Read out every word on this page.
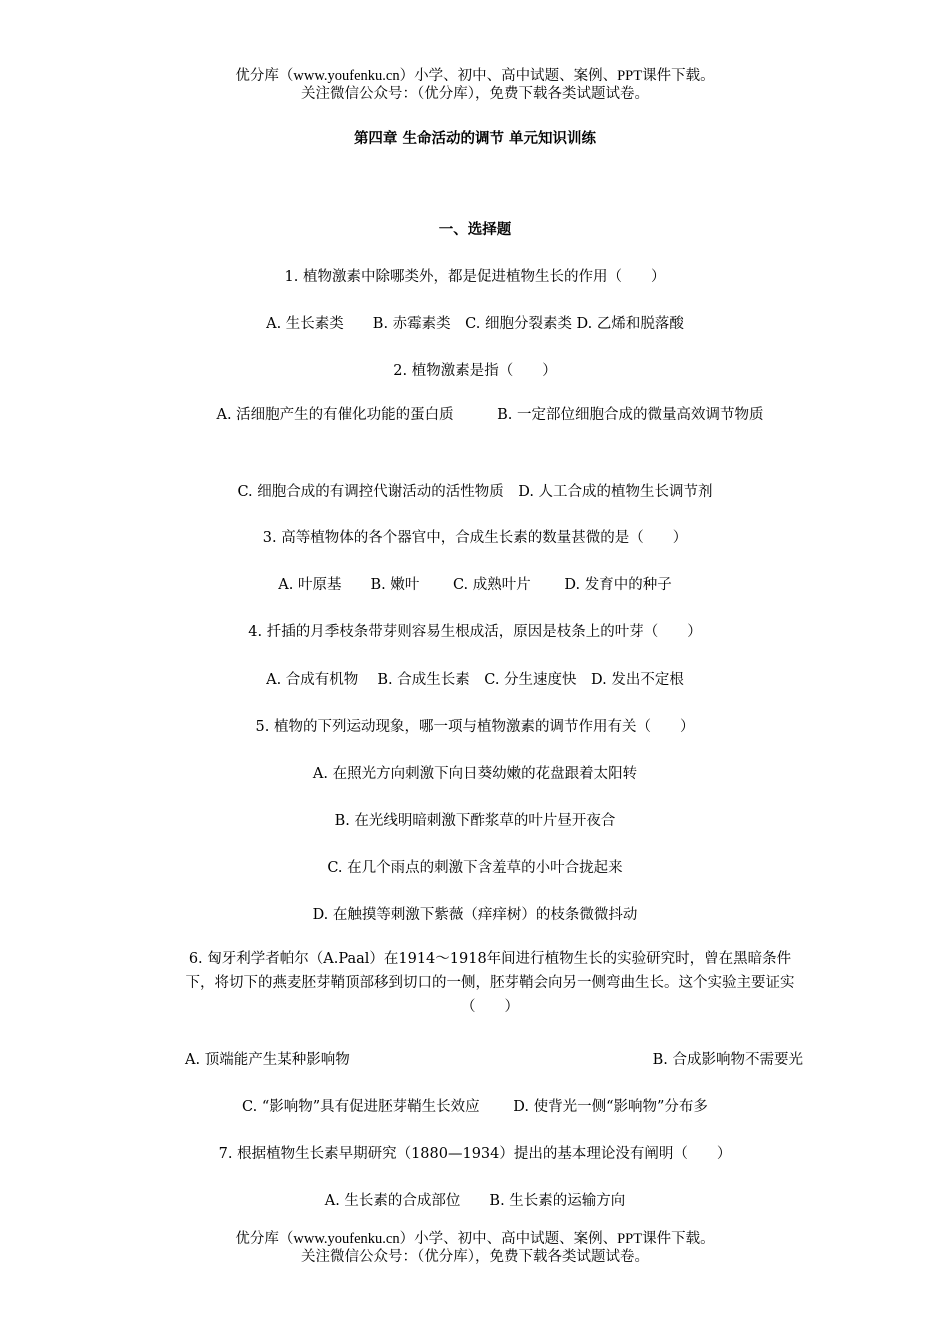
优分库（www.youfenku.cn）小学、初中、高中试题、案例、PPT课件下载。
关注微信公众号：（优分库），免费下载各类试题试卷。
第四章 生命活动的调节 单元知识训练
一、选择题
1. 植物激素中除哪类外，都是促进植物生长的作用（　　）
A. 生长素类　　B. 赤霉素类　C. 细胞分裂素类 D. 乙烯和脱落酸
2. 植物激素是指（　　）
A. 活细胞产生的有催化功能的蛋白质　　　B. 一定部位细胞合成的微量高效调节物质
C. 细胞合成的有调控代谢活动的活性物质　D. 人工合成的植物生长调节剂
3. 高等植物体的各个器官中，合成生长素的数量甚微的是（　　）
A. 叶原基　　B. 嫩叶　　 C. 成熟叶片　　 D. 发育中的种子
4. 扦插的月季枝条带芽则容易生根成活，原因是枝条上的叶芽（　　）
A. 合成有机物　 B. 合成生长素　C. 分生速度快　D. 发出不定根
5. 植物的下列运动现象，哪一项与植物激素的调节作用有关（　　）
A. 在照光方向刺激下向日葵幼嫩的花盘跟着太阳转
B. 在光线明暗刺激下酢浆草的叶片昼开夜合
C. 在几个雨点的刺激下含羞草的小叶合拢起来
D. 在触摸等刺激下紫薇（痒痒树）的枝条微微抖动
6. 匈牙利学者帕尔（A.Paal）在1914～1918年间进行植物生长的实验研究时，曾在黑暗条件下，将切下的燕麦胚芽鞘顶部移到切口的一侧，胚芽鞘会向另一侧弯曲生长。这个实验主要证实（　　）
A. 顶端能产生某种影响物	B. 合成影响物不需要光
C. “影响物”具有促进胚芽鞘生长效应　　 D. 使背光一侧“影响物”分布多
7. 根据植物生长素早期研究（1880—1934）提出的基本理论没有阐明（　　）
A. 生长素的合成部位　　B. 生长素的运输方向
优分库（www.youfenku.cn）小学、初中、高中试题、案例、PPT课件下载。
关注微信公众号：（优分库），免费下载各类试题试卷。
